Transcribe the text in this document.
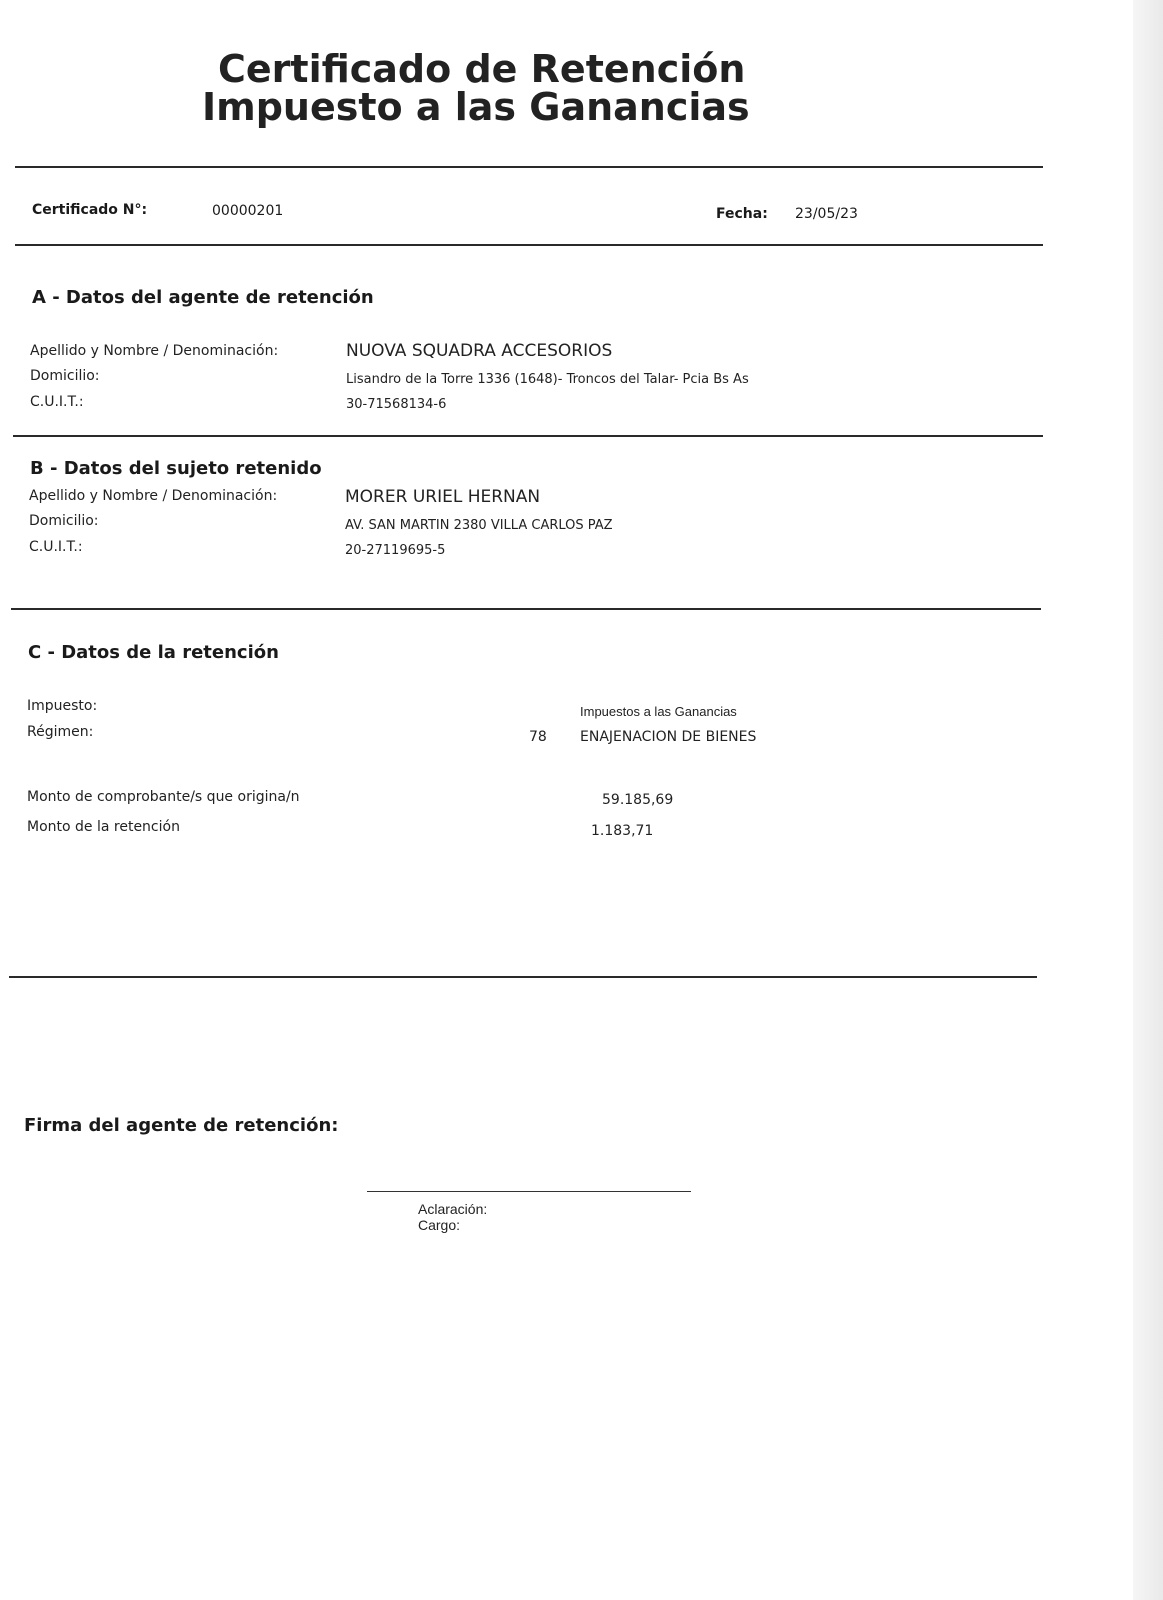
Certificado de Retención
Impuesto a las Ganancias
Certificado N°:	00000201	Fecha: 23/05/23
A - Datos del agente de retención
Apellido y Nombre / Denominación:	NUOVA SQUADRA ACCESORIOS
Domicilio:	Lisandro de la Torre 1336 (1648)- Troncos del Talar- Pcia Bs As
C.U.I.T.:	30-71568134-6
B - Datos del sujeto retenido
Apellido y Nombre / Denominación:	MORER URIEL HERNAN
Domicilio:	AV. SAN MARTIN 2380 VILLA CARLOS PAZ
C.U.I.T.:	20-27119695-5
C - Datos de la retención
Impuesto:	Impuestos a las Ganancias
Régimen:	78 ENAJENACION DE BIENES
Monto de comprobante/s que origina/n	59.185,69
Monto de la retención	1.183,71
Firma del agente de retención:
Aclaración:
Cargo:
